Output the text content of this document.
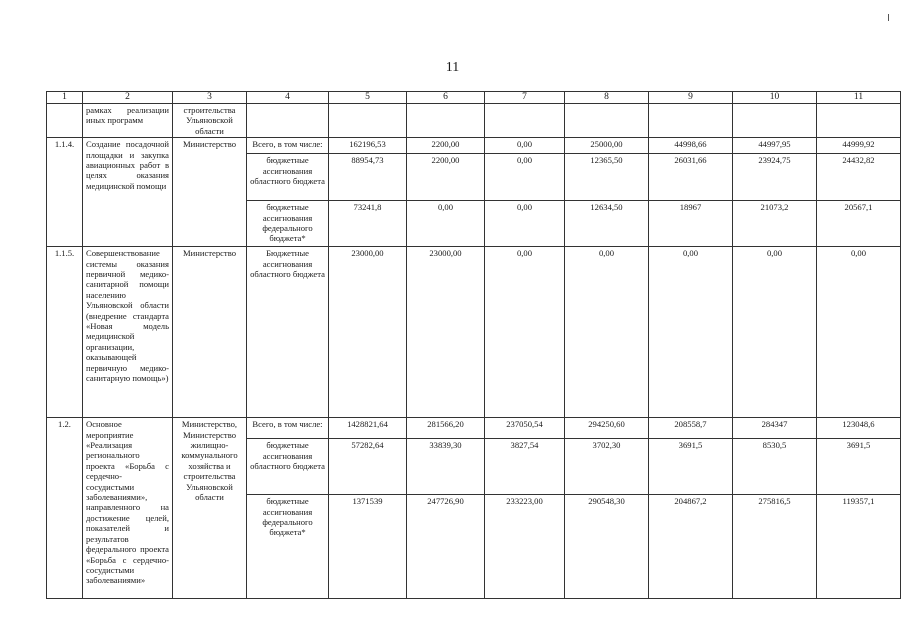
11
1	2	3	4	5	6	7	8	9	10	11
	рамках реализации иных программ	строительства Ульяновской области								
1.1.4.	Создание посадочной площадки и закупка авиационных работ в целях оказания медицинской помощи	Министерство	Всего, в том числе:	162196,53	2200,00	0,00	25000,00	44998,66	44997,95	44999,92
			бюджетные ассигнования областного бюджета	88954,73	2200,00	0,00	12365,50	26031,66	23924,75	24432,82
			бюджетные ассигнования федерального бюджета*	73241,8	0,00	0,00	12634,50	18967	21073,2	20567,1
1.1.5.	Совершенствование системы оказания первичной медико-санитарной помощи населению Ульяновской области (внедрение стандарта «Новая модель медицинской организации, оказывающей первичную медико-санитарную помощь»)	Министерство	Бюджетные ассигнования областного бюджета	23000,00	23000,00	0,00	0,00	0,00	0,00	0,00
1.2.	Основное мероприятие «Реализация регионального проекта «Борьба с сердечно-сосудистыми заболеваниями», направленного на достижение целей, показателей и результатов федерального проекта «Борьба с сердечно-сосудистыми заболеваниями»	Министерство, Министерство жилищно-коммунального хозяйства и строительства Ульяновской области	Всего, в том числе:	1428821,64	281566,20	237050,54	294250,60	208558,7	284347	123048,6
			бюджетные ассигнования областного бюджета	57282,64	33839,30	3827,54	3702,30	3691,5	8530,5	3691,5
			бюджетные ассигнования федерального бюджета*	1371539	247726,90	233223,00	290548,30	204867,2	275816,5	119357,1
